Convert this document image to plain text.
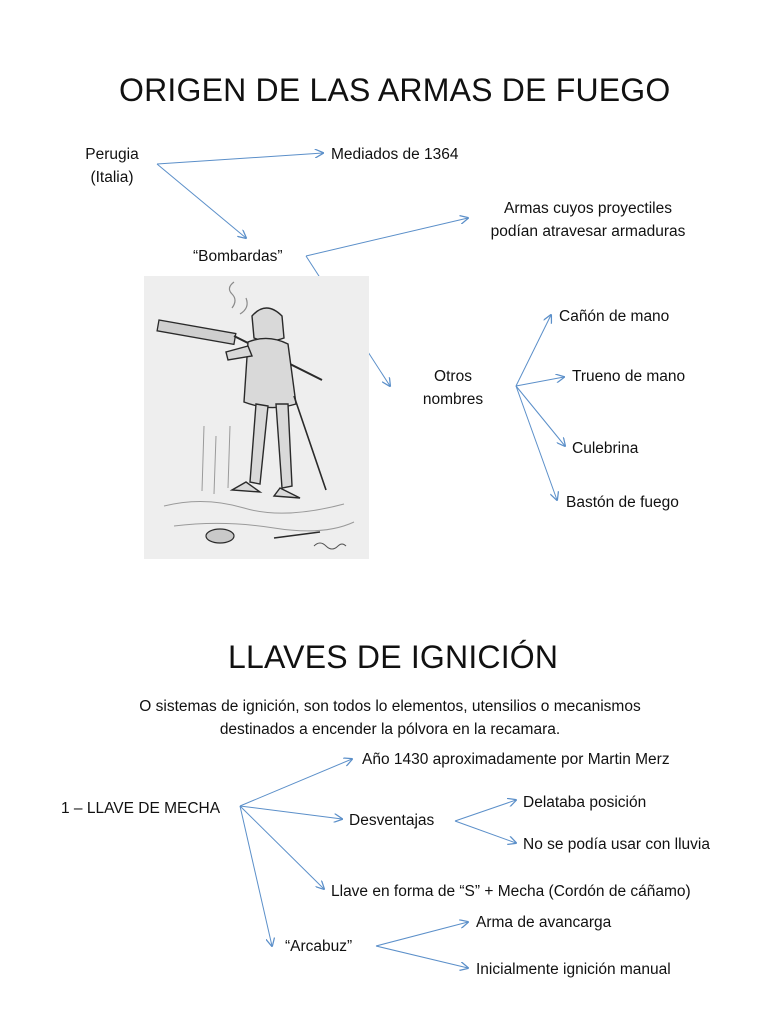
ORIGEN DE LAS ARMAS DE FUEGO
Perugia
(Italia)
Mediados de 1364
“Bombardas”
Armas cuyos proyectiles
podían atravesar armaduras
Otros
nombres
Cañón de mano
Trueno de mano
Culebrina
Bastón de fuego
LLAVES DE IGNICIÓN
O sistemas de ignición, son todos lo elementos, utensilios o mecanismos
destinados a encender la pólvora en la recamara.
1 – LLAVE DE MECHA
Año 1430 aproximadamente por Martin Merz
Desventajas
Delataba posición
No se podía usar con lluvia
Llave en forma de “S” + Mecha (Cordón de cáñamo)
“Arcabuz”
Arma de avancarga
Inicialmente ignición manual
